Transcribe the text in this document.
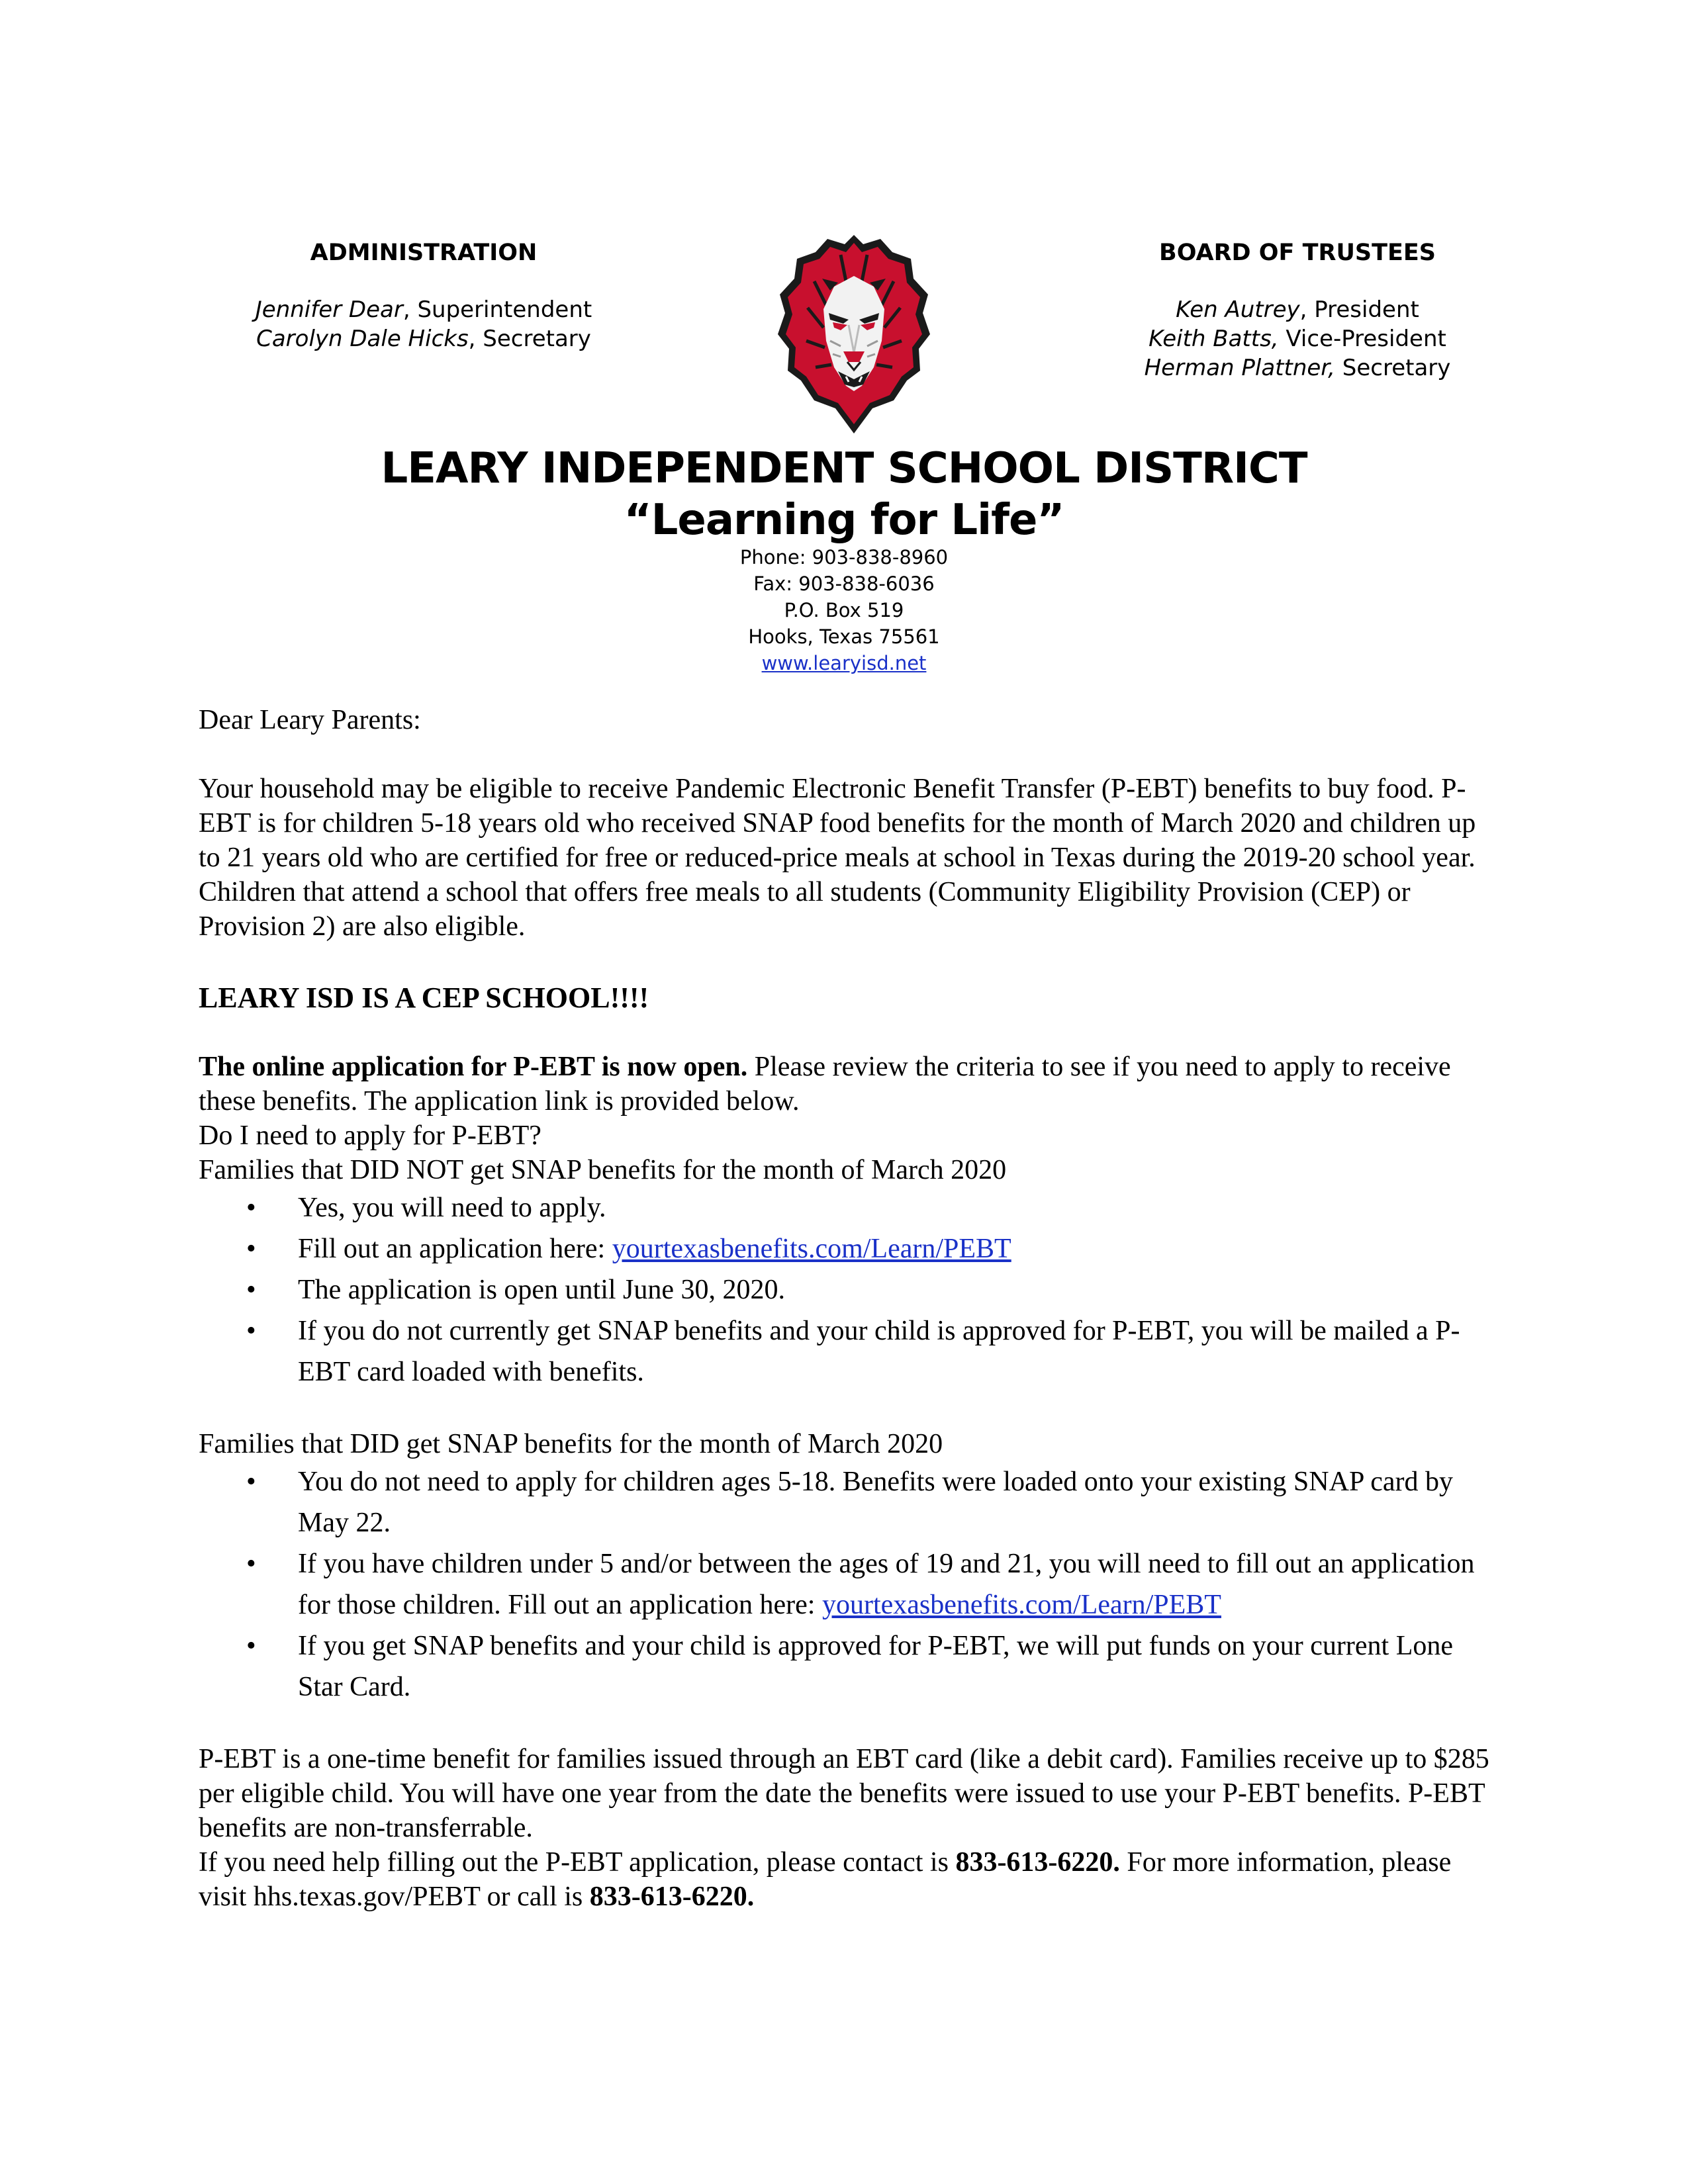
ADMINISTRATION

Jennifer Dear, Superintendent

Carolyn Dale Hicks, Secretary

BOARD OF TRUSTEES

Ken Autrey, President

Keith Batts, Vice-President

Herman Plattner, Secretary

LEARY INDEPENDENT SCHOOL DISTRICT
“Learning for Life”

Phone: 903-838-8960

Fax: 903-838-6036

P.O. Box 519

Hooks, Texas 75561

www.learyisd.net

Dear Leary Parents:

Your household may be eligible to receive Pandemic Electronic Benefit Transfer (P-EBT) benefits to buy food. P-EBT is for children 5-18 years old who received SNAP food benefits for the month of March 2020 and children up to 21 years old who are certified for free or reduced-price meals at school in Texas during the 2019-20 school year. Children that attend a school that offers free meals to all students (Community Eligibility Provision (CEP) or Provision 2) are also eligible.

LEARY ISD IS A CEP SCHOOL!!!!

The online application for P-EBT is now open. Please review the criteria to see if you need to apply to receive these benefits. The application link is provided below.

Do I need to apply for P-EBT?

Families that DID NOT get SNAP benefits for the month of March 2020

• Yes, you will need to apply.
• Fill out an application here: yourtexasbenefits.com/Learn/PEBT
• The application is open until June 30, 2020.
• If you do not currently get SNAP benefits and your child is approved for P-EBT, you will be mailed a P-EBT card loaded with benefits.

Families that DID get SNAP benefits for the month of March 2020

• You do not need to apply for children ages 5-18. Benefits were loaded onto your existing SNAP card by May 22.
• If you have children under 5 and/or between the ages of 19 and 21, you will need to fill out an application for those children. Fill out an application here: yourtexasbenefits.com/Learn/PEBT
• If you get SNAP benefits and your child is approved for P-EBT, we will put funds on your current Lone Star Card.

P-EBT is a one-time benefit for families issued through an EBT card (like a debit card). Families receive up to $285 per eligible child. You will have one year from the date the benefits were issued to use your P-EBT benefits. P-EBT benefits are non-transferrable.

If you need help filling out the P-EBT application, please contact is 833-613-6220. For more information, please visit hhs.texas.gov/PEBT or call is 833-613-6220.
